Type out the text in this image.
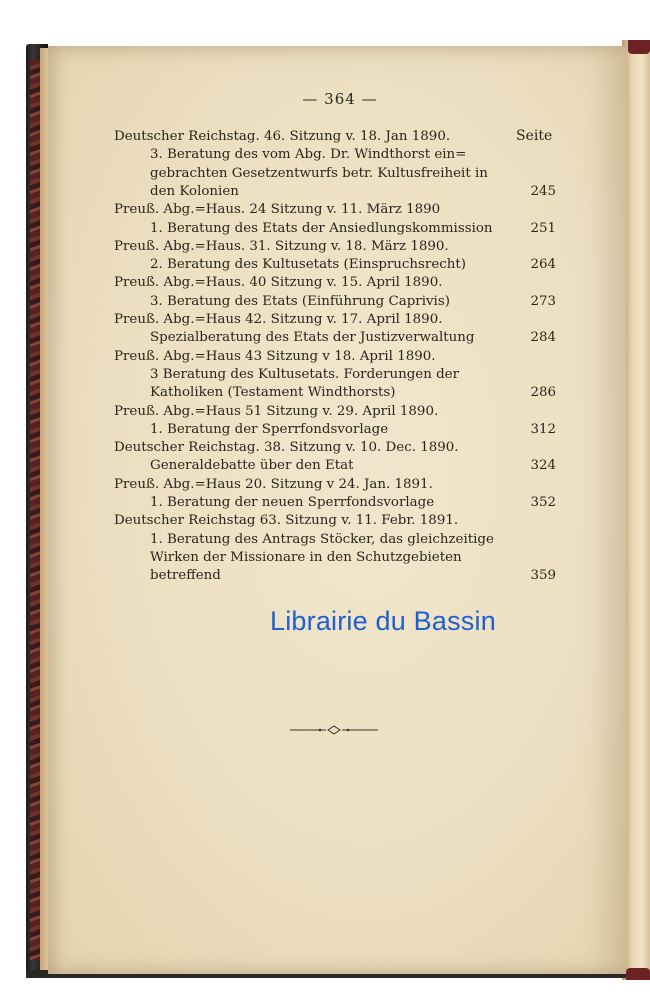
— 364 —
Seite
Deutscher Reichstag. 46. Sitzung v. 18. Jan 1890.
3. Beratung des vom Abg. Dr. Windthorst ein=
gebrachten Gesetzentwurfs betr. Kultusfreiheit in
den Kolonien	245
Preuß. Abg.=Haus. 24 Sitzung v. 11. März 1890
1. Beratung des Etats der Ansiedlungskommission	251
Preuß. Abg.=Haus. 31. Sitzung v. 18. März 1890.
2. Beratung des Kultusetats (Einspruchsrecht)	264
Preuß. Abg.=Haus. 40 Sitzung v. 15. April 1890.
3. Beratung des Etats (Einführung Caprivis)	273
Preuß. Abg.=Haus 42. Sitzung v. 17. April 1890.
Spezialberatung des Etats der Justizverwaltung	284
Preuß. Abg.=Haus 43 Sitzung v 18. April 1890.
3 Beratung des Kultusetats. Forderungen der
Katholiken (Testament Windthorsts)	286
Preuß. Abg.=Haus 51 Sitzung v. 29. April 1890.
1. Beratung der Sperrfondsvorlage	312
Deutscher Reichstag. 38. Sitzung v. 10. Dec. 1890.
Generaldebatte über den Etat	324
Preuß. Abg.=Haus 20. Sitzung v 24. Jan. 1891.
1. Beratung der neuen Sperrfondsvorlage	352
Deutscher Reichstag 63. Sitzung v. 11. Febr. 1891.
1. Beratung des Antrags Stöcker, das gleichzeitige
Wirken der Missionare in den Schutzgebieten
betreffend	359
Librairie du Bassin
